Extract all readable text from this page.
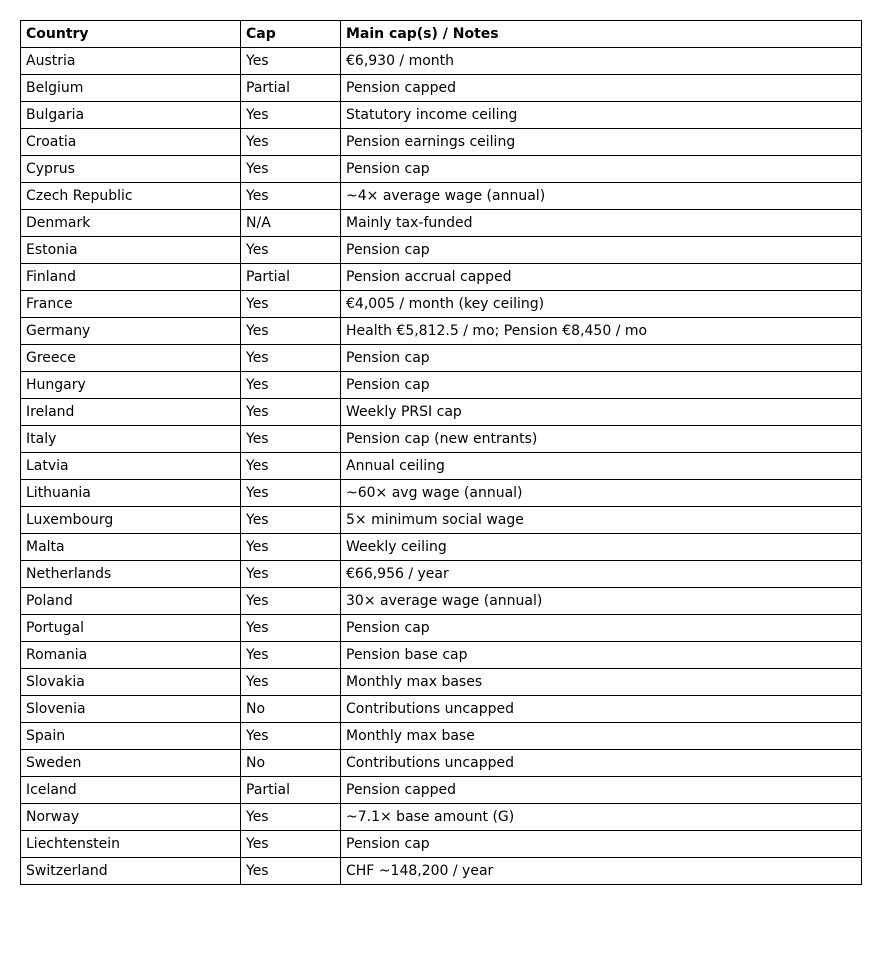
Country	Cap	Main cap(s) / Notes
Austria	Yes	€6,930 / month
Belgium	Partial	Pension capped
Bulgaria	Yes	Statutory income ceiling
Croatia	Yes	Pension earnings ceiling
Cyprus	Yes	Pension cap
Czech Republic	Yes	~4× average wage (annual)
Denmark	N/A	Mainly tax-funded
Estonia	Yes	Pension cap
Finland	Partial	Pension accrual capped
France	Yes	€4,005 / month (key ceiling)
Germany	Yes	Health €5,812.5 / mo; Pension €8,450 / mo
Greece	Yes	Pension cap
Hungary	Yes	Pension cap
Ireland	Yes	Weekly PRSI cap
Italy	Yes	Pension cap (new entrants)
Latvia	Yes	Annual ceiling
Lithuania	Yes	~60× avg wage (annual)
Luxembourg	Yes	5× minimum social wage
Malta	Yes	Weekly ceiling
Netherlands	Yes	€66,956 / year
Poland	Yes	30× average wage (annual)
Portugal	Yes	Pension cap
Romania	Yes	Pension base cap
Slovakia	Yes	Monthly max bases
Slovenia	No	Contributions uncapped
Spain	Yes	Monthly max base
Sweden	No	Contributions uncapped
Iceland	Partial	Pension capped
Norway	Yes	~7.1× base amount (G)
Liechtenstein	Yes	Pension cap
Switzerland	Yes	CHF ~148,200 / year
